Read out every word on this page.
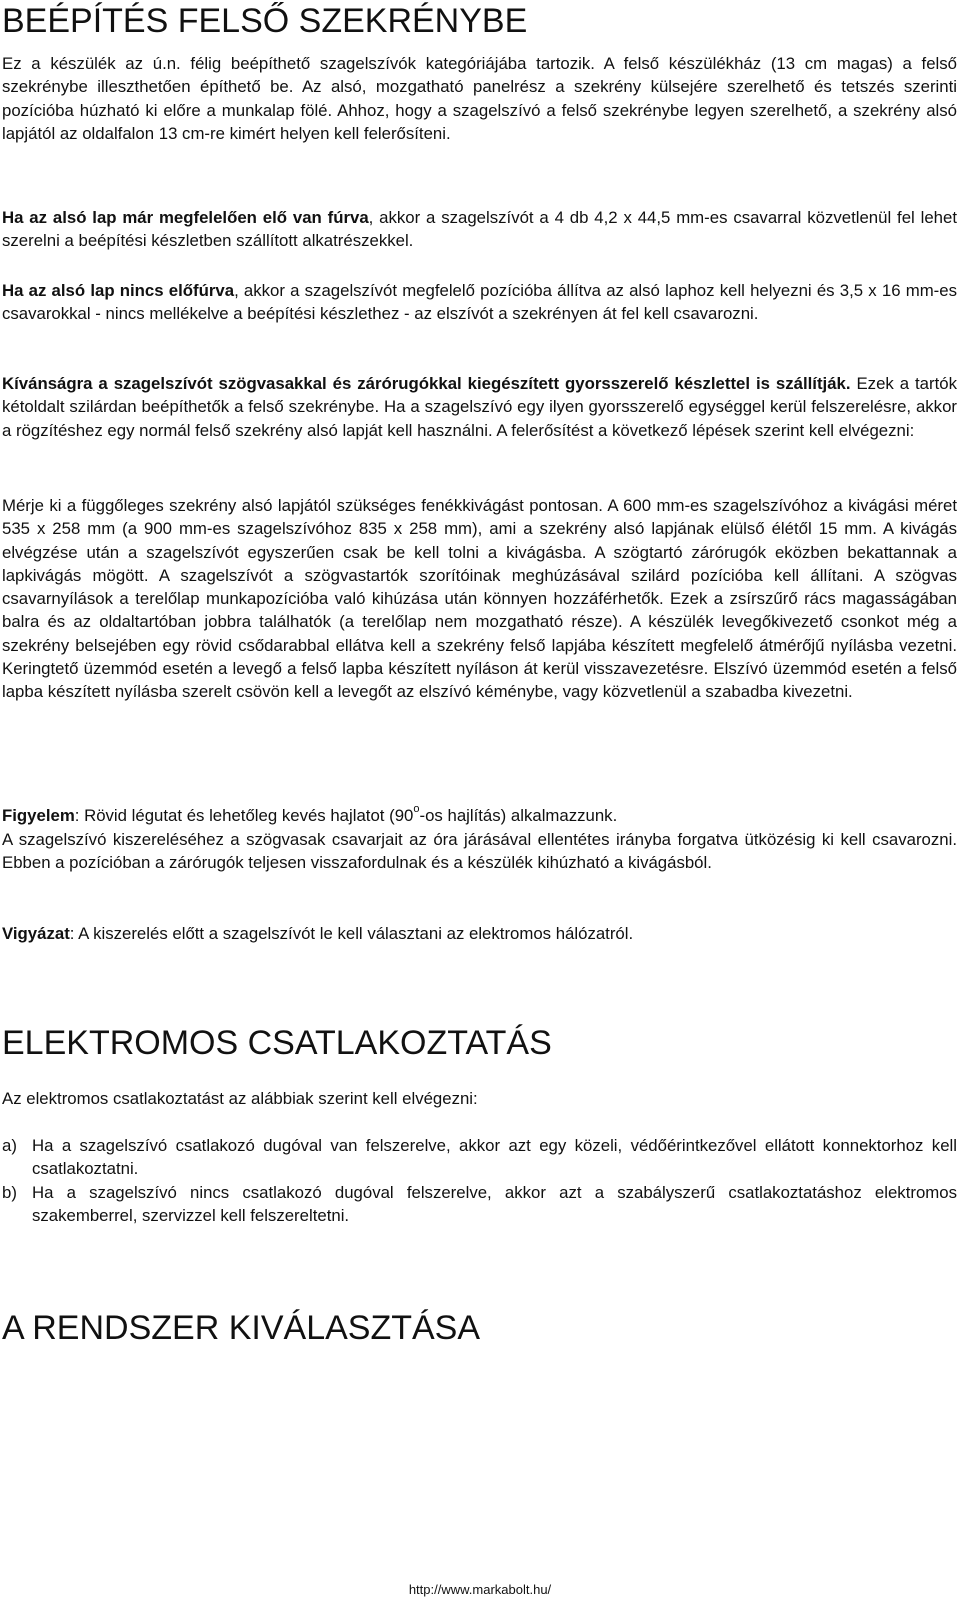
BEÉPÍTÉS FELSŐ SZEKRÉNYBE

Ez a készülék az ú.n. félig beépíthető szagelszívók kategóriájába tartozik. A felső készülékház (13 cm magas) a felső szekrénybe illeszthetően építhető be. Az alsó, mozgatható panelrész a szekrény külsejére szerelhető és tetszés szerinti pozícióba húzható ki előre a munkalap fölé. Ahhoz, hogy a szagelszívó a felső szekrénybe legyen szerelhető, a szekrény alsó lapjától az oldalfalon 13 cm-re kimért helyen kell felerősíteni.

Ha az alsó lap már megfelelően elő van fúrva, akkor a szagelszívót a 4 db 4,2 x 44,5 mm-es csavarral közvetlenül fel lehet szerelni a beépítési készletben szállított alkatrészekkel.

Ha az alsó lap nincs előfúrva, akkor a szagelszívót megfelelő pozícióba állítva az alsó laphoz kell helyezni és 3,5 x 16 mm-es csavarokkal - nincs mellékelve a beépítési készlethez - az elszívót a szekrényen át fel kell csavarozni.

Kívánságra a szagelszívót szögvasakkal és zárórugókkal kiegészített gyorsszerelő készlettel is szállítják. Ezek a tartók kétoldalt szilárdan beépíthetők a felső szekrénybe. Ha a szagelszívó egy ilyen gyorsszerelő egységgel kerül felszerelésre, akkor a rögzítéshez egy normál felső szekrény alsó lapját kell használni. A felerősítést a következő lépések szerint kell elvégezni:

Mérje ki a függőleges szekrény alsó lapjától szükséges fenékkivágást pontosan. A 600 mm-es szagelszívóhoz a kivágási méret 535 x 258 mm (a 900 mm-es szagelszívóhoz 835 x 258 mm), ami a szekrény alsó lapjának elülső élétől 15 mm. A kivágás elvégzése után a szagelszívót egyszerűen csak be kell tolni a kivágásba. A szögtartó zárórugók eközben bekattannak a lapkivágás mögött. A szagelszívót a szögvastartók szorítóinak meghúzásával szilárd pozícióba kell állítani. A szögvas csavarnyílások a terelőlap munkapozícióba való kihúzása után könnyen hozzáférhetők. Ezek a zsírszűrő rács magasságában balra és az oldaltartóban jobbra találhatók (a terelőlap nem mozgatható része). A készülék levegőkivezető csonkot még a szekrény belsejében egy rövid csődarabbal ellátva kell a szekrény felső lapjába készített megfelelő átmérőjű nyílásba vezetni. Keringtető üzemmód esetén a levegő a felső lapba készített nyíláson át kerül visszavezetésre. Elszívó üzemmód esetén a felső lapba készített nyílásba szerelt csövön kell a levegőt az elszívó kéménybe, vagy közvetlenül a szabadba kivezetni.

Figyelem: Rövid légutat és lehetőleg kevés hajlatot (90$^o$-os hajlítás) alkalmazzunk.

A szagelszívó kiszereléséhez a szögvasak csavarjait az óra járásával ellentétes irányba forgatva ütközésig ki kell csavarozni. Ebben a pozícióban a zárórugók teljesen visszafordulnak és a készülék kihúzható a kivágásból.

Vigyázat: A kiszerelés előtt a szagelszívót le kell választani az elektromos hálózatról.

ELEKTROMOS CSATLAKOZTATÁS

Az elektromos csatlakoztatást az alábbiak szerint kell elvégezni:

a) Ha a szagelszívó csatlakozó dugóval van felszerelve, akkor azt egy közeli, védőérintkezővel ellátott konnektorhoz kell csatlakoztatni.
b) Ha a szagelszívó nincs csatlakozó dugóval felszerelve, akkor azt a szabályszerű csatlakoztatáshoz elektromos szakemberrel, szervizzel kell felszereltetni.
A RENDSZER KIVÁLASZTÁSA
http://www.markabolt.hu/
